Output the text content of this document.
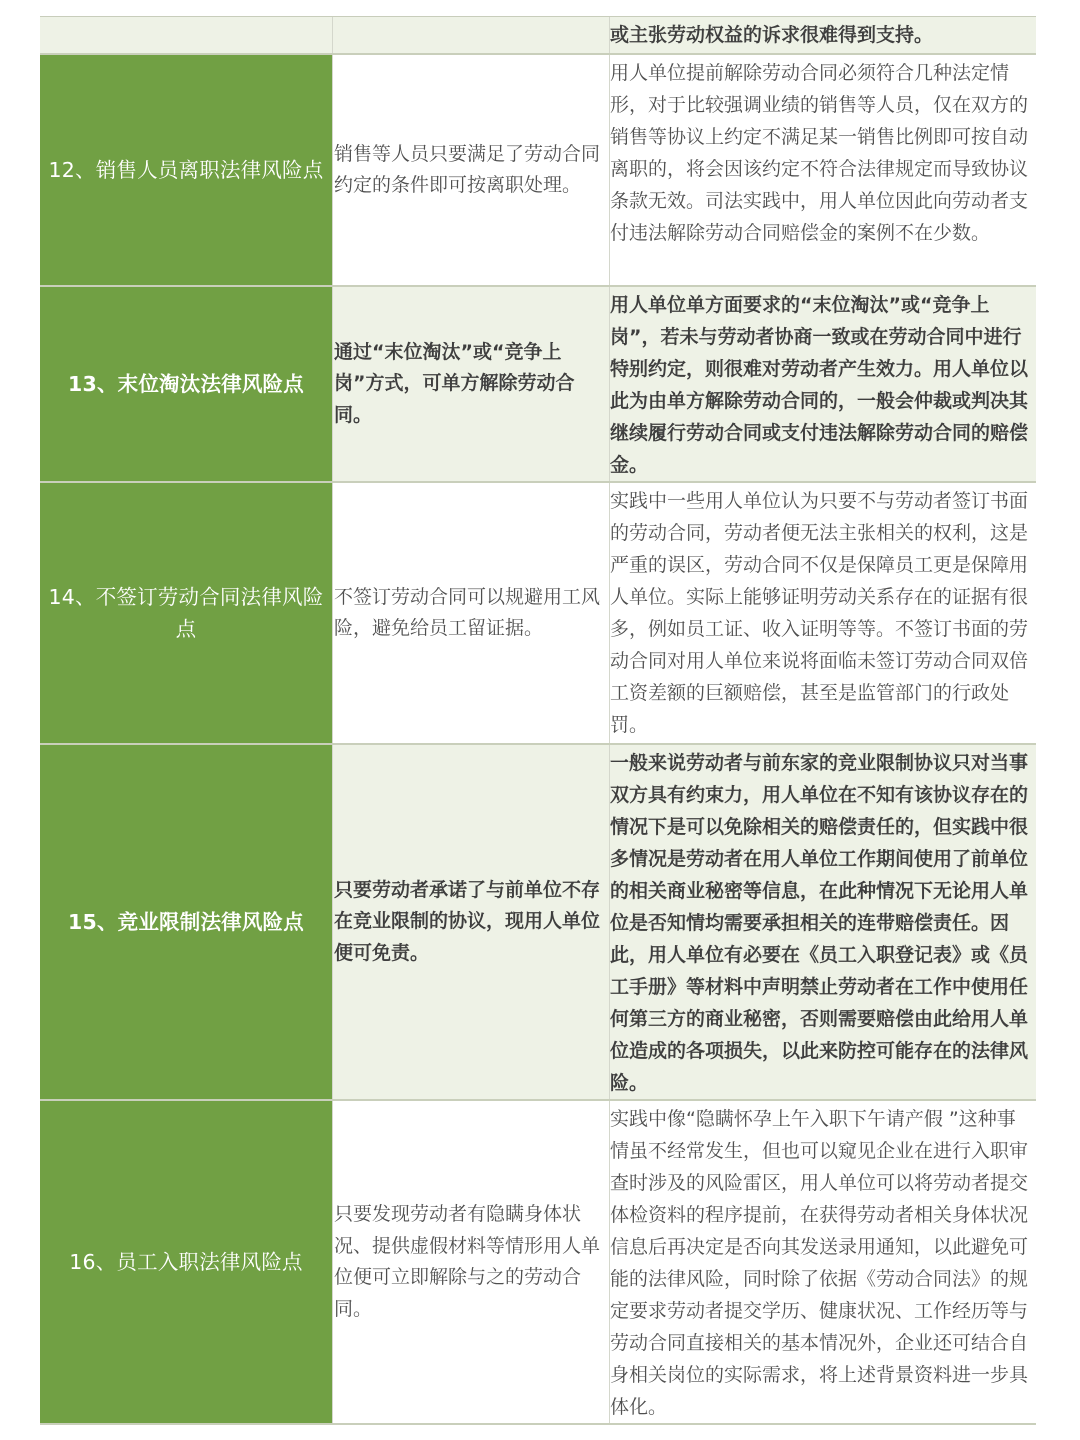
或主张劳动权益的诉求很难得到支持。
12、销售人员离职法律风险点
销售等人员只要满足了劳动合同约定的条件即可按离职处理。
用人单位提前解除劳动合同必须符合几种法定情形，对于比较强调业绩的销售等人员，仅在双方的销售等协议上约定不满足某一销售比例即可按自动离职的，将会因该约定不符合法律规定而导致协议条款无效。司法实践中，用人单位因此向劳动者支付违法解除劳动合同赔偿金的案例不在少数。
13、末位淘汰法律风险点
通过“末位淘汰”或“竞争上岗”方式，可单方解除劳动合同。
用人单位单方面要求的“末位淘汰”或“竞争上岗”，若未与劳动者协商一致或在劳动合同中进行特别约定，则很难对劳动者产生效力。用人单位以此为由单方解除劳动合同的，一般会仲裁或判决其继续履行劳动合同或支付违法解除劳动合同的赔偿金。
14、不签订劳动合同法律风险点
不签订劳动合同可以规避用工风险，避免给员工留证据。
实践中一些用人单位认为只要不与劳动者签订书面的劳动合同，劳动者便无法主张相关的权利，这是严重的误区，劳动合同不仅是保障员工更是保障用人单位。实际上能够证明劳动关系存在的证据有很多，例如员工证、收入证明等等。不签订书面的劳动合同对用人单位来说将面临未签订劳动合同双倍工资差额的巨额赔偿，甚至是监管部门的行政处罚。
15、竞业限制法律风险点
只要劳动者承诺了与前单位不存在竞业限制的协议，现用人单位便可免责。
一般来说劳动者与前东家的竞业限制协议只对当事双方具有约束力，用人单位在不知有该协议存在的情况下是可以免除相关的赔偿责任的，但实践中很多情况是劳动者在用人单位工作期间使用了前单位的相关商业秘密等信息，在此种情况下无论用人单位是否知情均需要承担相关的连带赔偿责任。因此，用人单位有必要在《员工入职登记表》或《员工手册》等材料中声明禁止劳动者在工作中使用任何第三方的商业秘密，否则需要赔偿由此给用人单位造成的各项损失，以此来防控可能存在的法律风险。
16、员工入职法律风险点
只要发现劳动者有隐瞒身体状况、提供虚假材料等情形用人单位便可立即解除与之的劳动合同。
实践中像“隐瞒怀孕上午入职下午请产假 ”这种事情虽不经常发生，但也可以窥见企业在进行入职审查时涉及的风险雷区，用人单位可以将劳动者提交体检资料的程序提前，在获得劳动者相关身体状况信息后再决定是否向其发送录用通知，以此避免可能的法律风险，同时除了依据《劳动合同法》的规定要求劳动者提交学历、健康状况、工作经历等与劳动合同直接相关的基本情况外，企业还可结合自身相关岗位的实际需求，将上述背景资料进一步具体化。
